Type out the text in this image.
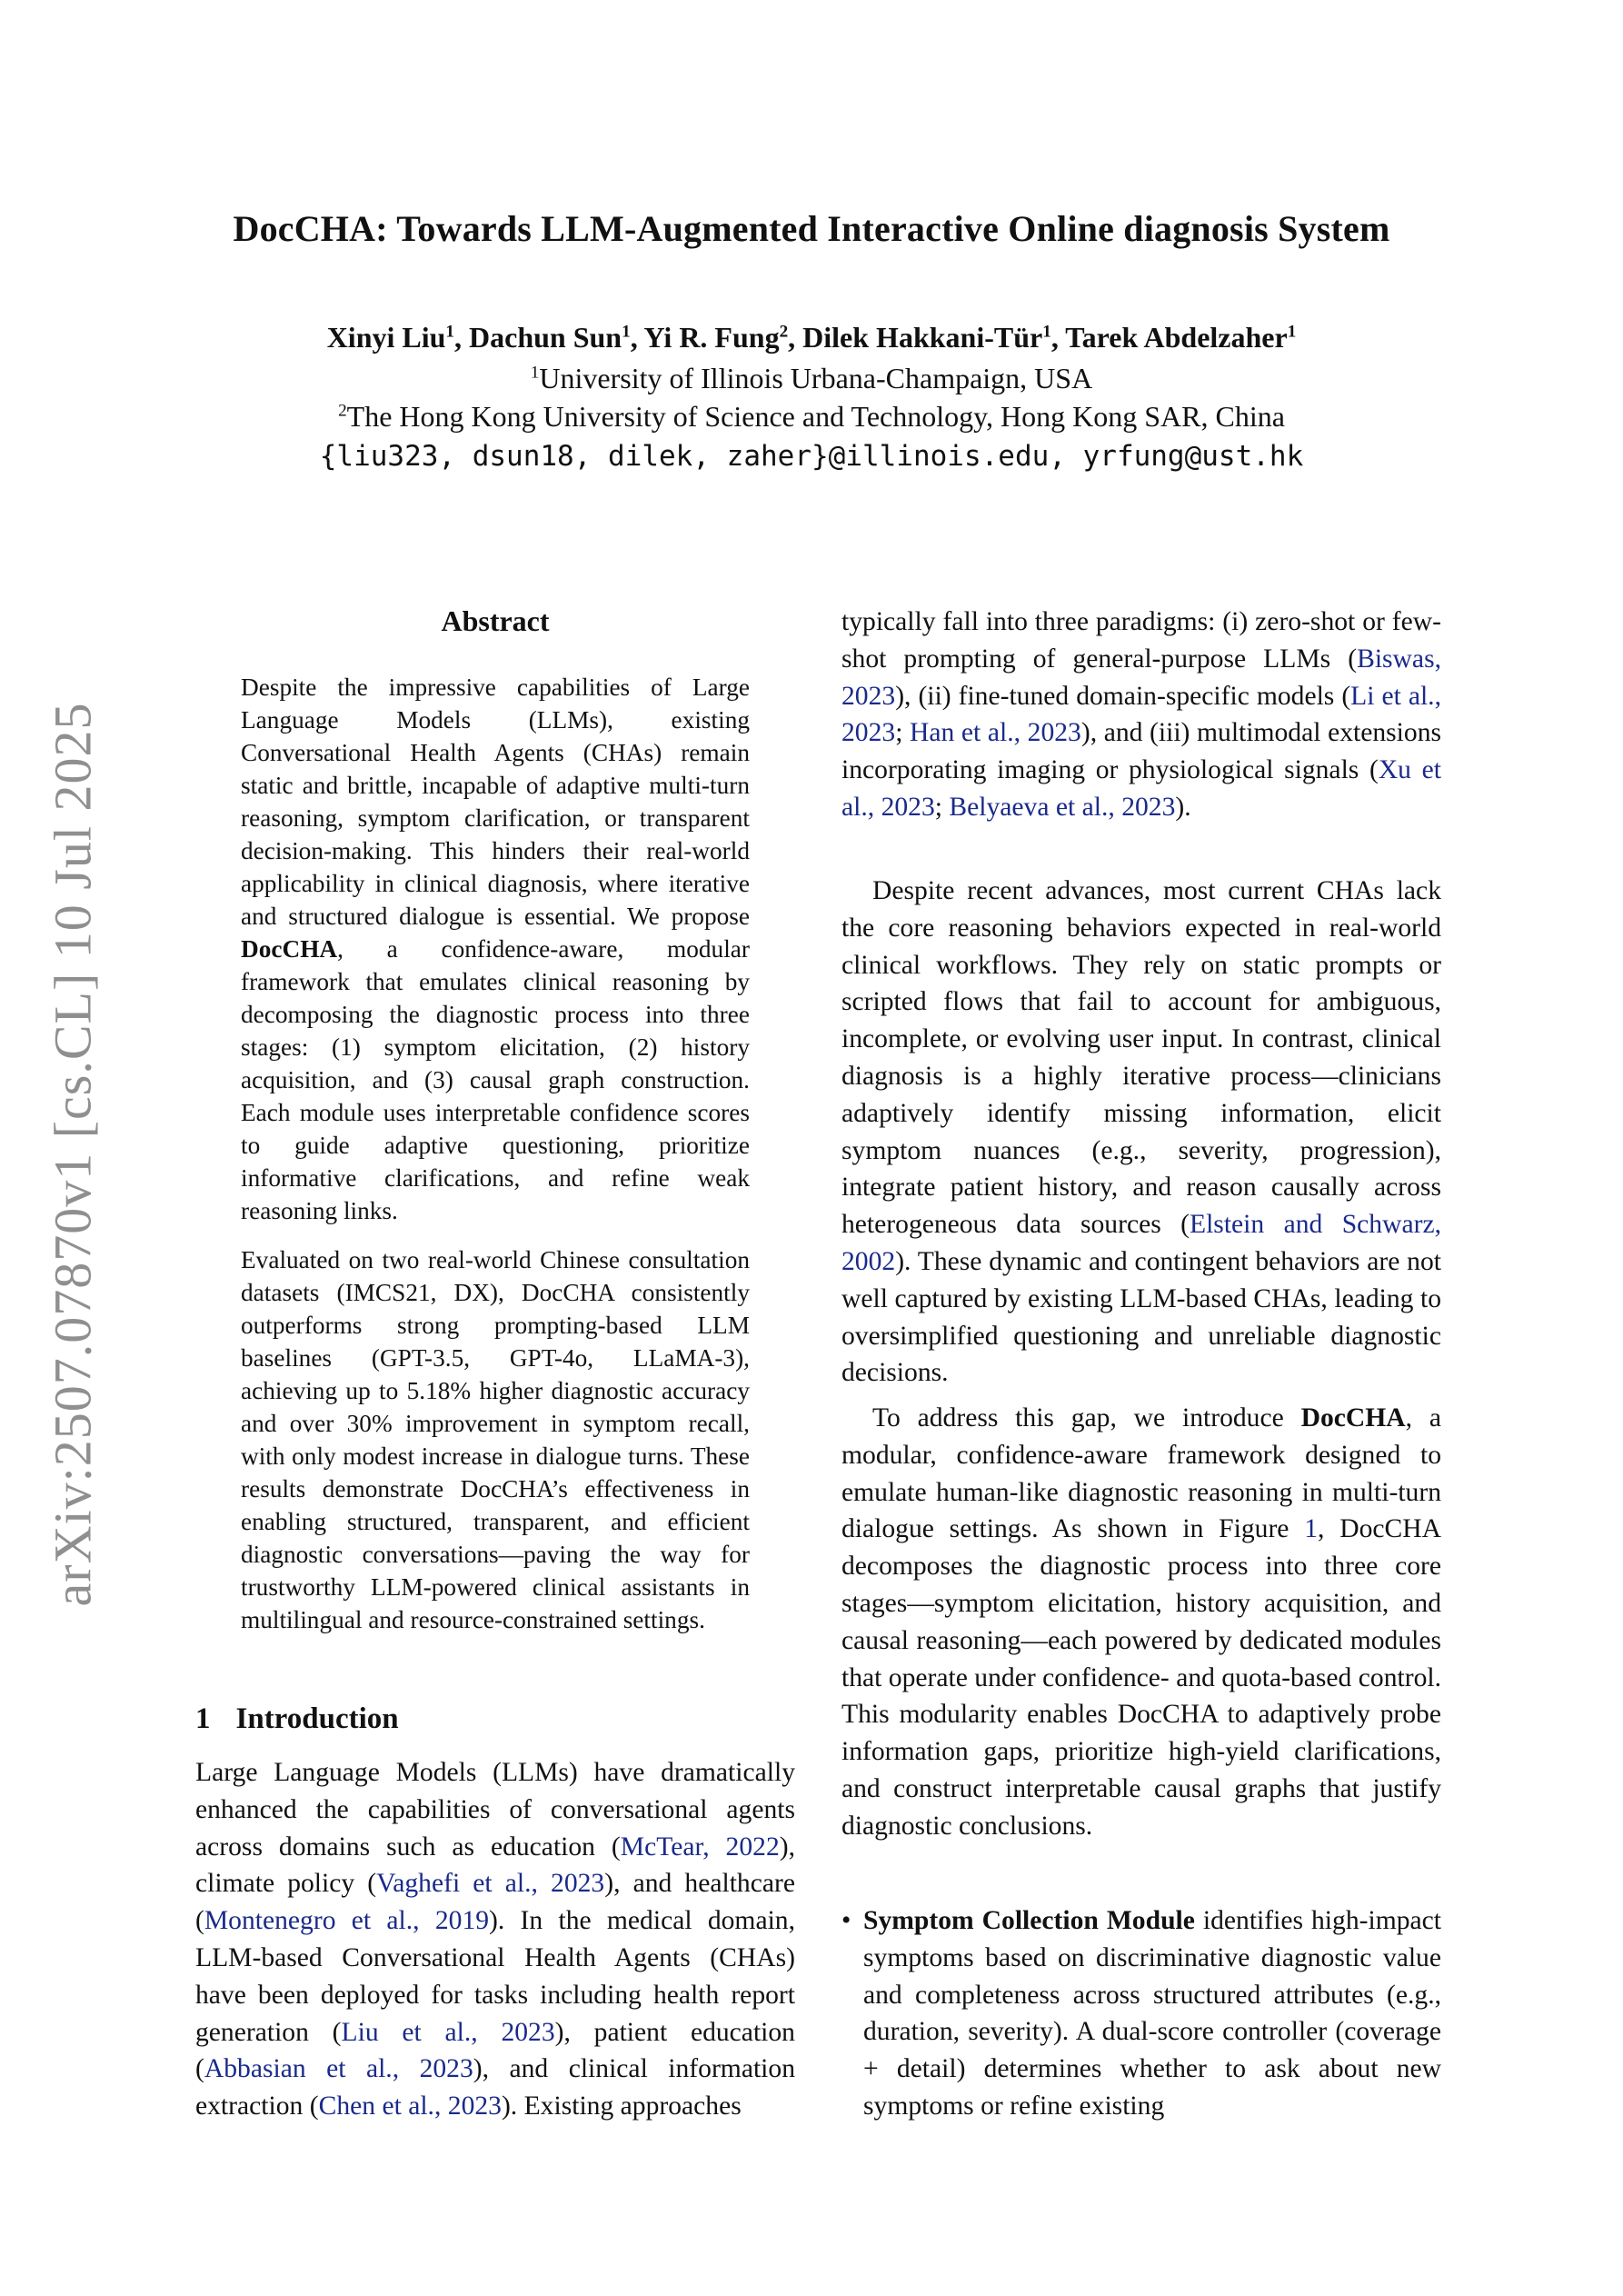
DocCHA: Towards LLM-Augmented Interactive Online diagnosis System
Xinyi Liu$^1$, Dachun Sun$^1$, Yi R. Fung$^2$, Dilek Hakkani-Tür$^1$, Tarek Abdelzaher$^1$
$^1$University of Illinois Urbana-Champaign, USA
$^2$The Hong Kong University of Science and Technology, Hong Kong SAR, China
{liu323, dsun18, dilek, zaher}@illinois.edu, yrfung@ust.hk
arXiv:2507.07870v1 [cs.CL] 10 Jul 2025
Abstract

Despite the impressive capabilities of Large Language Models (LLMs), existing Conversational Health Agents (CHAs) remain static and brittle, incapable of adaptive multi-turn reasoning, symptom clarification, or transparent decision-making. This hinders their real-world applicability in clinical diagnosis, where iterative and structured dialogue is essential. We propose DocCHA, a confidence-aware, modular framework that emulates clinical reasoning by decomposing the diagnostic process into three stages: (1) symptom elicitation, (2) history acquisition, and (3) causal graph construction. Each module uses interpretable confidence scores to guide adaptive questioning, prioritize informative clarifications, and refine weak reasoning links.

Evaluated on two real-world Chinese consultation datasets (IMCS21, DX), DocCHA consistently outperforms strong prompting-based LLM baselines (GPT-3.5, GPT-4o, LLaMA-3), achieving up to 5.18% higher diagnostic accuracy and over 30% improvement in symptom recall, with only modest increase in dialogue turns. These results demonstrate DocCHA’s effectiveness in enabling structured, transparent, and efficient diagnostic conversations—paving the way for trustworthy LLM-powered clinical assistants in multilingual and resource-constrained settings.

1 Introduction

Large Language Models (LLMs) have dramatically enhanced the capabilities of conversational agents across domains such as education (McTear, 2022), climate policy (Vaghefi et al., 2023), and healthcare (Montenegro et al., 2019). In the medical domain, LLM-based Conversational Health Agents (CHAs) have been deployed for tasks including health report generation (Liu et al., 2023), patient education (Abbasian et al., 2023), and clinical information extraction (Chen et al., 2023). Existing approaches

typically fall into three paradigms: (i) zero-shot or few-shot prompting of general-purpose LLMs (Biswas, 2023), (ii) fine-tuned domain-specific models (Li et al., 2023; Han et al., 2023), and (iii) multimodal extensions incorporating imaging or physiological signals (Xu et al., 2023; Belyaeva et al., 2023).

Despite recent advances, most current CHAs lack the core reasoning behaviors expected in real-world clinical workflows. They rely on static prompts or scripted flows that fail to account for ambiguous, incomplete, or evolving user input. In contrast, clinical diagnosis is a highly iterative process—clinicians adaptively identify missing information, elicit symptom nuances (e.g., severity, progression), integrate patient history, and reason causally across heterogeneous data sources (Elstein and Schwarz, 2002). These dynamic and contingent behaviors are not well captured by existing LLM-based CHAs, leading to oversimplified questioning and unreliable diagnostic decisions.

To address this gap, we introduce DocCHA, a modular, confidence-aware framework designed to emulate human-like diagnostic reasoning in multi-turn dialogue settings. As shown in Figure 1, DocCHA decomposes the diagnostic process into three core stages—symptom elicitation, history acquisition, and causal reasoning—each powered by dedicated modules that operate under confidence- and quota-based control. This modularity enables DocCHA to adaptively probe information gaps, prioritize high-yield clarifications, and construct interpretable causal graphs that justify diagnostic conclusions.

• Symptom Collection Module identifies high-impact symptoms based on discriminative diagnostic value and completeness across structured attributes (e.g., duration, severity). A dual-score controller (coverage + detail) determines whether to ask about new symptoms or refine existing
